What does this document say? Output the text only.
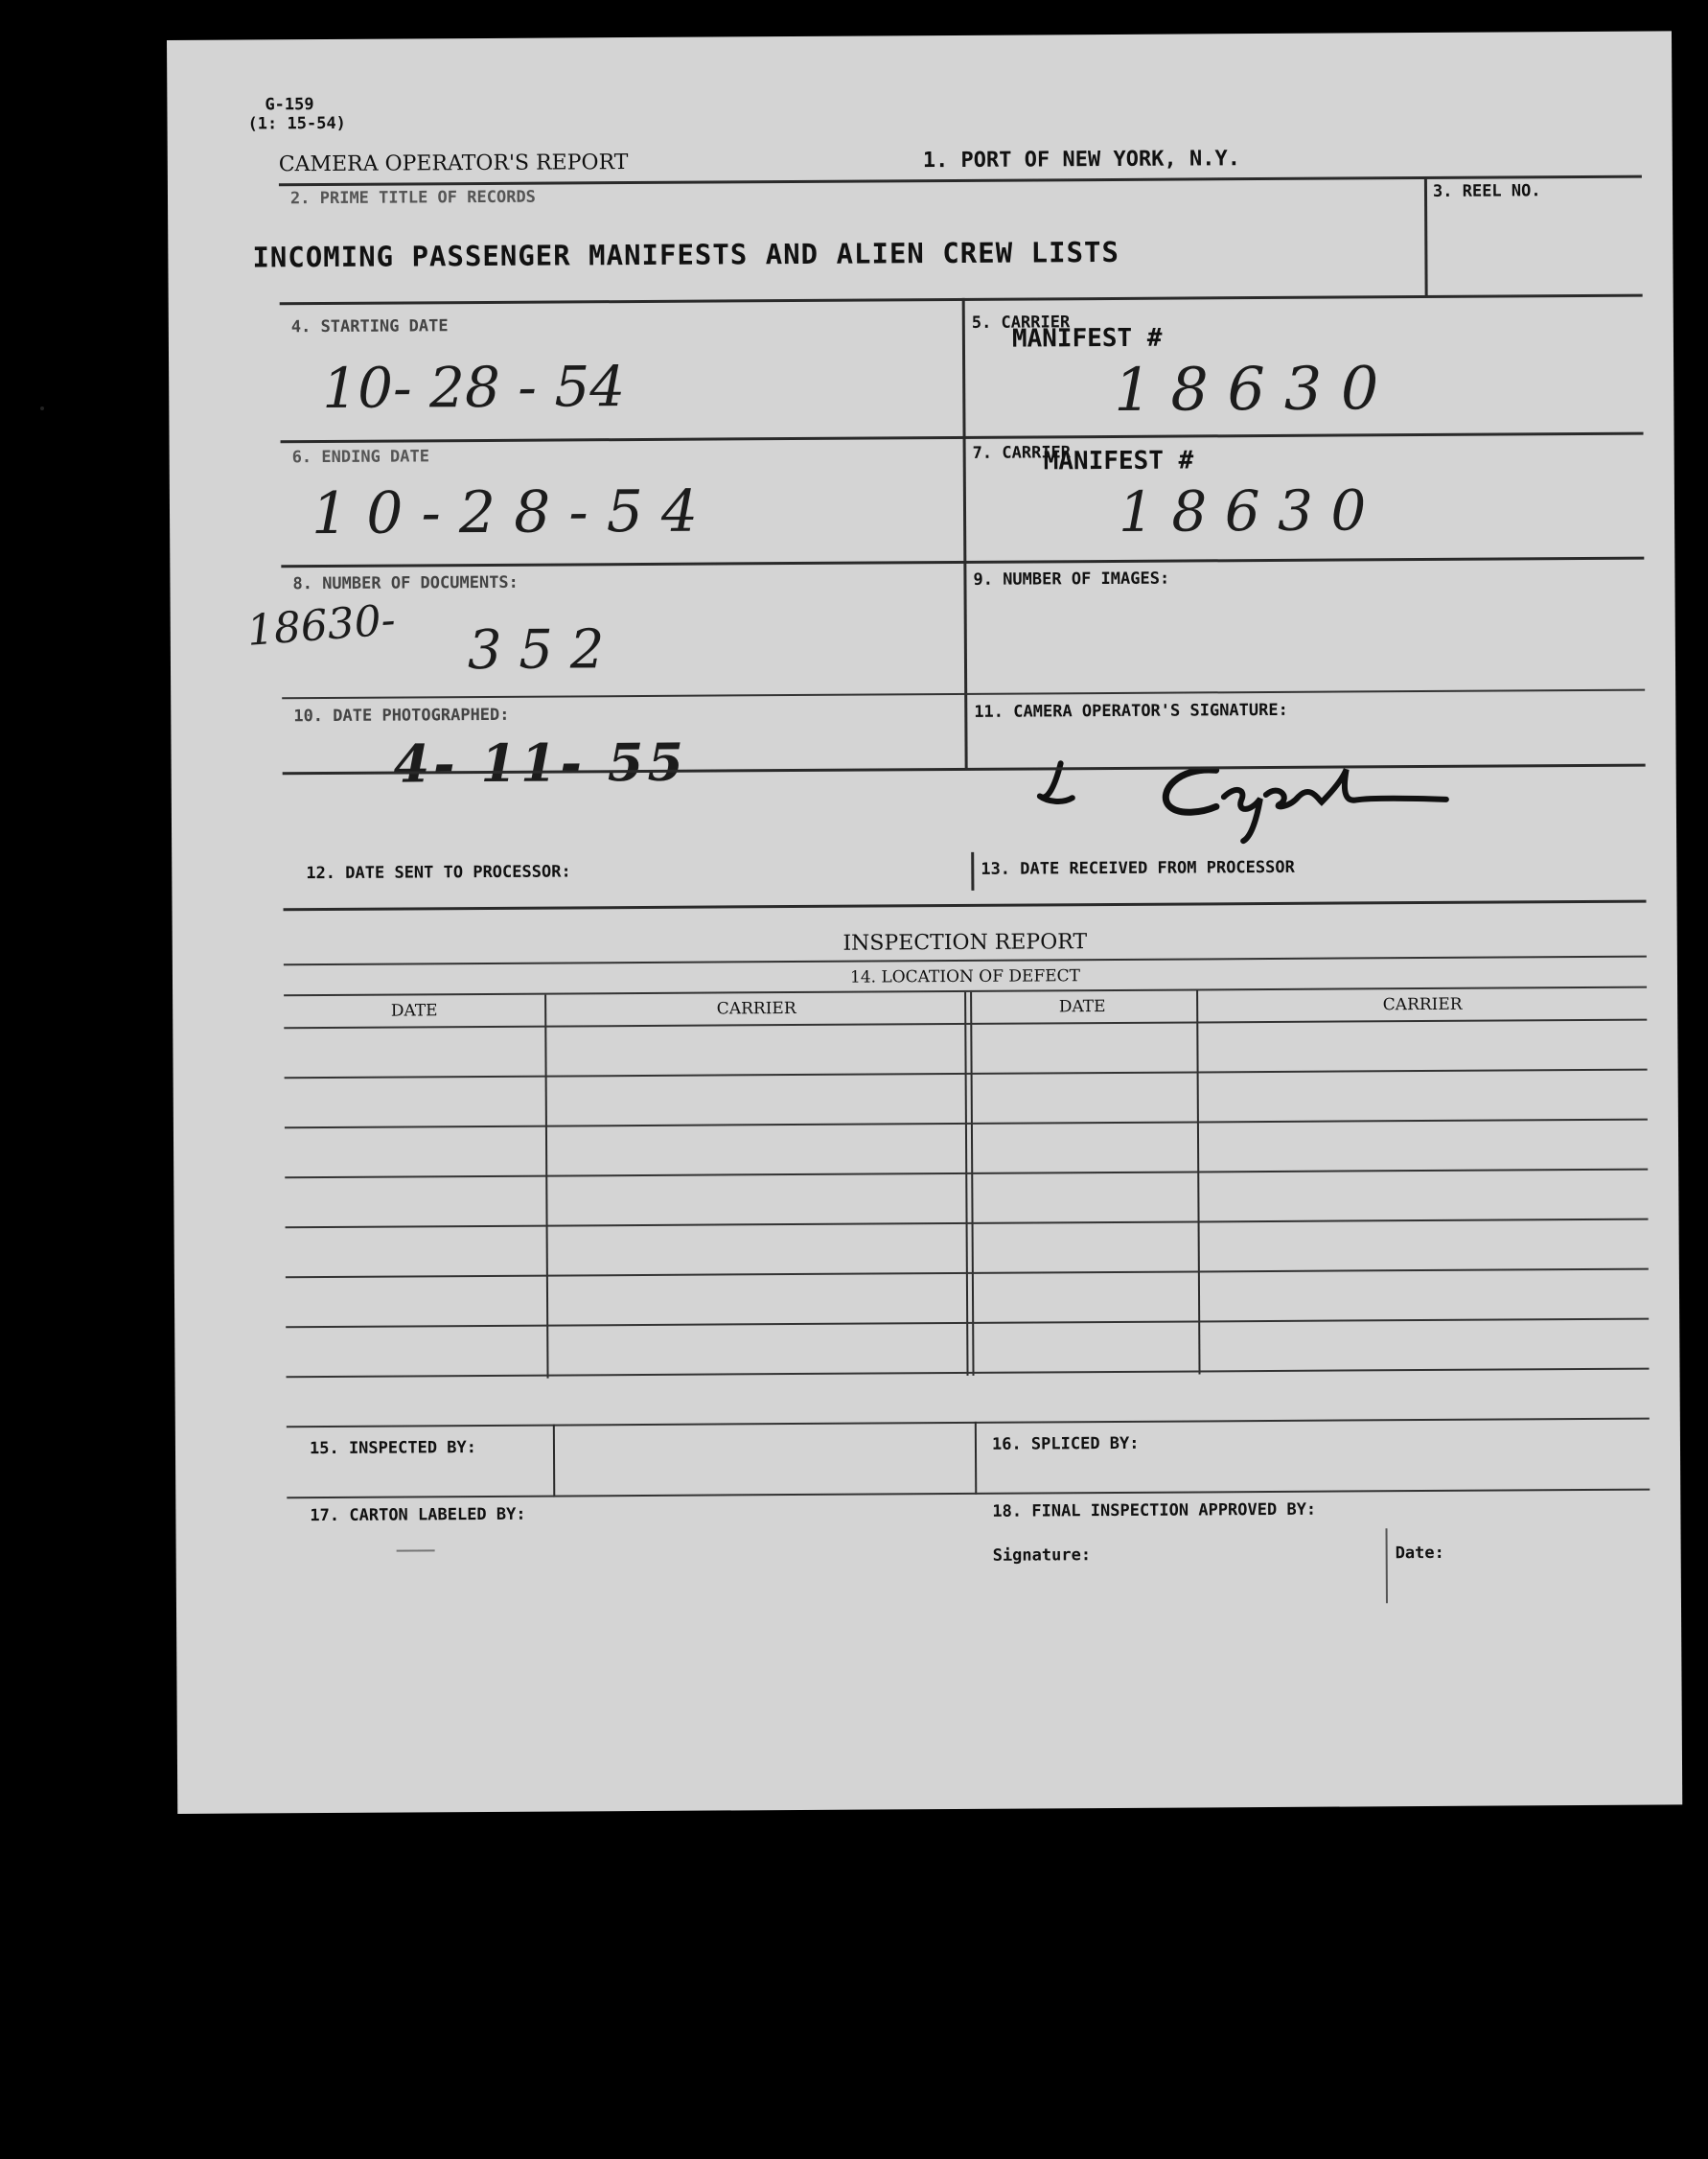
G-159
(1: 15-54)
CAMERA OPERATOR'S REPORT	1. PORT OF NEW YORK, N.Y.
2. PRIME TITLE OF RECORDS
INCOMING PASSENGER MANIFESTS AND ALIEN CREW LISTS
3. REEL NO.
4. STARTING DATE
10- 28 - 54
5. CARRIER
MANIFEST #
1 8 6 3 0
6. ENDING DATE
1 0 - 2 8 - 5 4
7. CARRIER
MANIFEST #
1 8 6 3 0
8. NUMBER OF DOCUMENTS:
18630- 3 5 2
9. NUMBER OF IMAGES:
10. DATE PHOTOGRAPHED:
4- 11- 55
11. CAMERA OPERATOR'S SIGNATURE:
12. DATE SENT TO PROCESSOR:	13. DATE RECEIVED FROM PROCESSOR
INSPECTION REPORT
14. LOCATION OF DEFECT
DATE	CARRIER	DATE	CARRIER
15. INSPECTED BY:	16. SPLICED BY:
17. CARTON LABELED BY:	18. FINAL INSPECTION APPROVED BY:
Signature:	Date:
